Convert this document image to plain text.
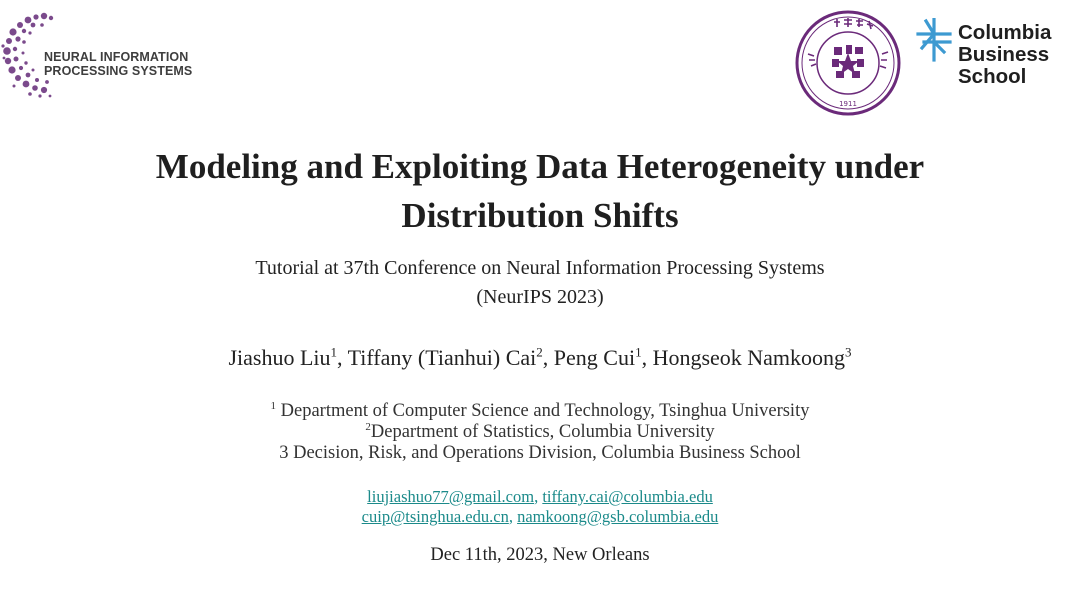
NEURAL INFORMATION
PROCESSING SYSTEMS
1911
Columbia
Business
School
Modeling and Exploiting Data Heterogeneity under
Distribution Shifts
Tutorial at 37th Conference on Neural Information Processing Systems
(NeurIPS 2023)
Jiashuo Liu$^1$, Tiffany (Tianhui) Cai$^2$, Peng Cui$^1$, Hongseok Namkoong$^3$
$^1$ Department of Computer Science and Technology, Tsinghua University
$^2$Department of Statistics, Columbia University
3 Decision, Risk, and Operations Division, Columbia Business School
liujiashuo77@gmail.com, tiffany.cai@columbia.edu
cuip@tsinghua.edu.cn, namkoong@gsb.columbia.edu
Dec 11th, 2023, New Orleans
